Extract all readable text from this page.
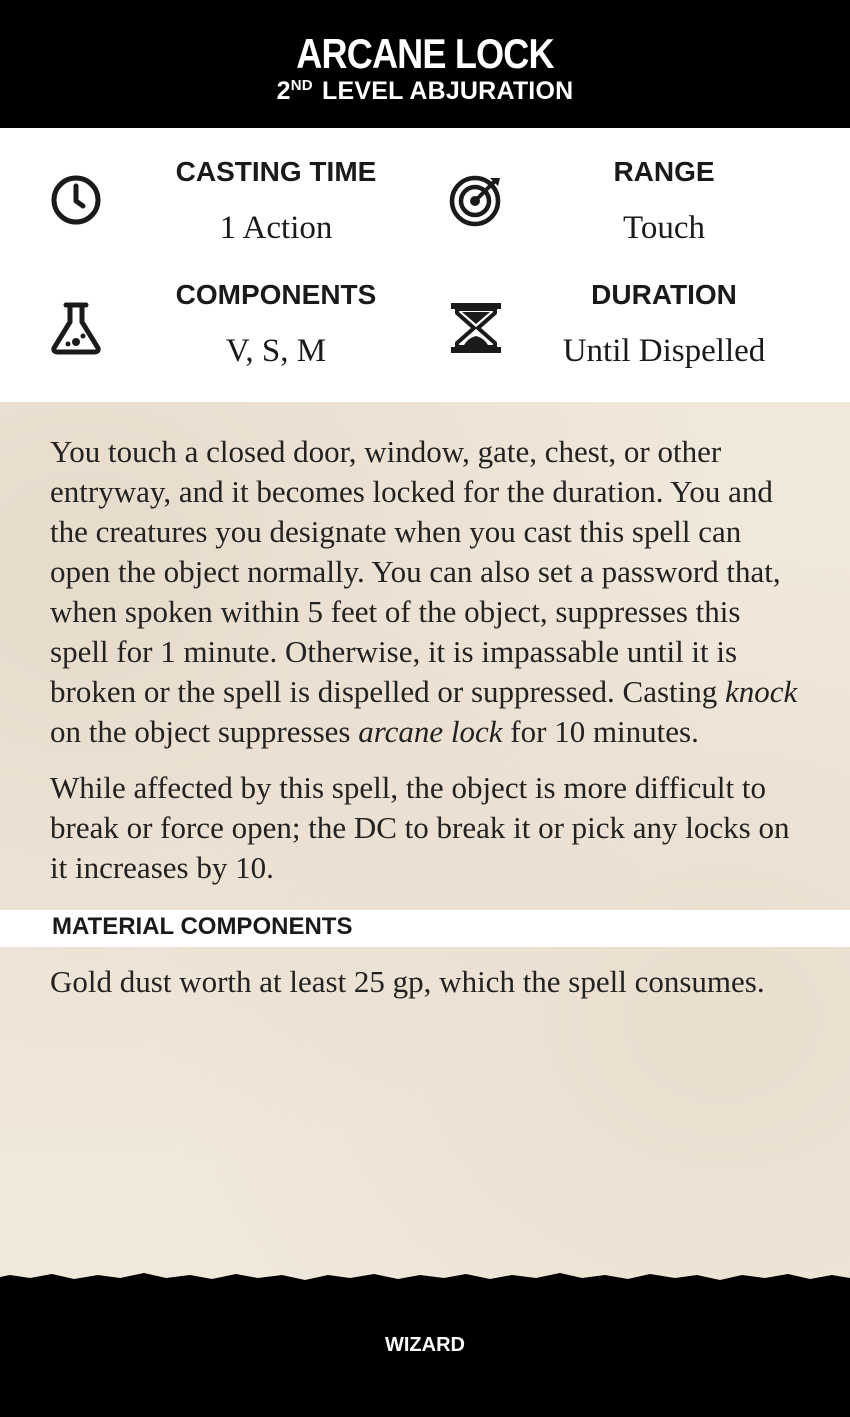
ARCANE LOCK
2ND LEVEL ABJURATION
CASTING TIME
1 Action
RANGE
Touch
COMPONENTS
V, S, M
DURATION
Until Dispelled

You touch a closed door, window, gate, chest, or other entryway, and it becomes locked for the duration. You and the creatures you designate when you cast this spell can open the object normally. You can also set a password that, when spoken within 5 feet of the object, suppresses this spell for 1 minute. Otherwise, it is impassable until it is broken or the spell is dispelled or suppressed. Casting knock on the object suppresses arcane lock for 10 minutes.

While affected by this spell, the object is more difficult to break or force open; the DC to break it or pick any locks on it increases by 10.

MATERIAL COMPONENTS
Gold dust worth at least 25 gp, which the spell consumes.
WIZARD
